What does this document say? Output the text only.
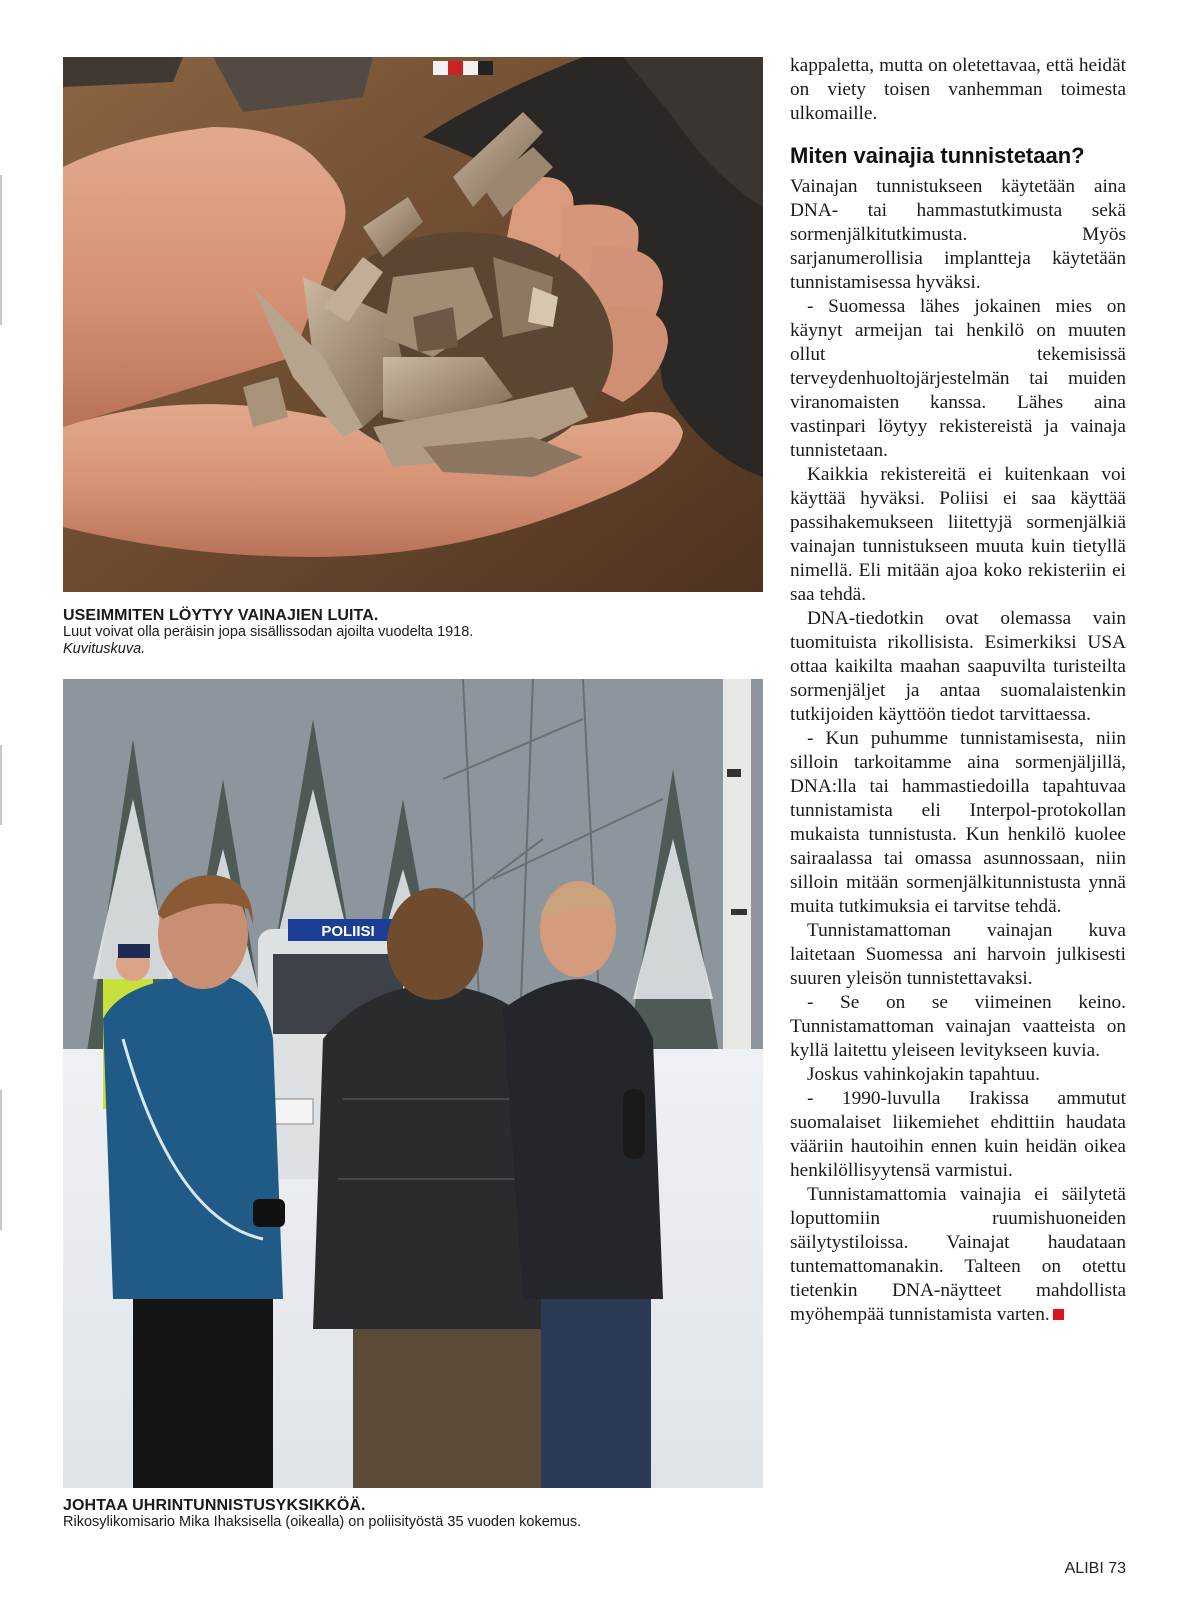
USEIMMITEN LÖYTYY VAINAJIEN LUITA.
Luut voivat olla peräisin jopa sisällissodan ajoilta vuodelta 1918.
Kuvituskuva.
POLIISI
JOHTAA UHRINTUNNISTUSYKSIKKÖÄ.
Rikosylikomisario Mika Ihaksisella (oikealla) on poliisityöstä 35 vuoden kokemus.

kappaletta, mutta on oletettavaa, että heidät on viety toisen vanhemman toimesta ulkomaille.

Miten vainajia tunnistetaan?

Vainajan tunnistukseen käytetään aina DNA- tai hammastutkimusta sekä sormenjälkitutkimusta. Myös sarjanumerollisia implantteja käytetään tunnistamisessa hyväksi.

- Suomessa lähes jokainen mies on käynyt armeijan tai henkilö on muuten ollut tekemisissä terveydenhuoltojärjestelmän tai muiden viranomaisten kanssa. Lähes aina vastinpari löytyy rekistereistä ja vainaja tunnistetaan.

Kaikkia rekistereitä ei kuitenkaan voi käyttää hyväksi. Poliisi ei saa käyttää passihakemukseen liitettyjä sormenjälkiä vainajan tunnistukseen muuta kuin tietyllä nimellä. Eli mitään ajoa koko rekisteriin ei saa tehdä.

DNA-tiedotkin ovat olemassa vain tuomituista rikollisista. Esimerkiksi USA ottaa kaikilta maahan saapuvilta turisteilta sormenjäljet ja antaa suomalaistenkin tutkijoiden käyttöön tiedot tarvittaessa.

- Kun puhumme tunnistamisesta, niin silloin tarkoitamme aina sormenjäljillä, DNA:lla tai hammastiedoilla tapahtuvaa tunnistamista eli Interpol-protokollan mukaista tunnistusta. Kun henkilö kuolee sairaalassa tai omassa asunnossaan, niin silloin mitään sormenjälkitunnistusta ynnä muita tutkimuksia ei tarvitse tehdä.

Tunnistamattoman vainajan kuva laitetaan Suomessa ani harvoin julkisesti suuren yleisön tunnistettavaksi.

- Se on se viimeinen keino. Tunnistamattoman vainajan vaatteista on kyllä laitettu yleiseen levitykseen kuvia.

Joskus vahinkojakin tapahtuu.

- 1990-luvulla Irakissa ammutut suomalaiset liikemiehet ehdittiin haudata vääriin hautoihin ennen kuin heidän oikea henkilöllisyytensä varmistui.

Tunnistamattomia vainajia ei säilytetä loputtomiin ruumishuoneiden säilytystiloissa. Vainajat haudataan tuntemattomanakin. Talteen on otettu tietenkin DNA-näytteet mahdollista myöhempää tunnistamista varten.

ALIBI 73
